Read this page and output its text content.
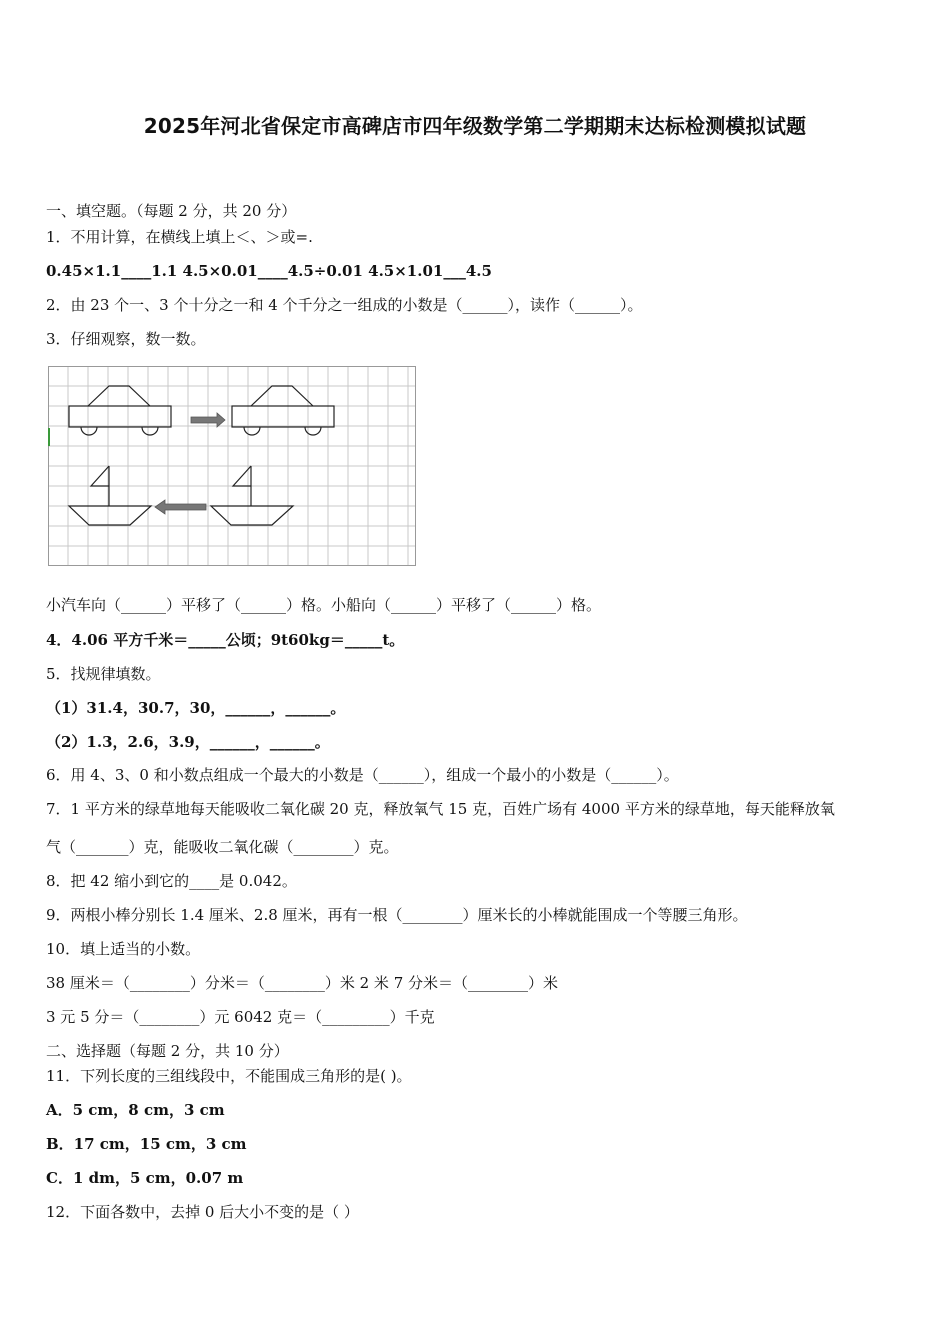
2025年河北省保定市高碑店市四年级数学第二学期期末达标检测模拟试题
一、填空题。（每题 2 分，共 20 分）
1．不用计算，在横线上填上＜、＞或=.
0.45×1.1____1.1 4.5×0.01____4.5÷0.01 4.5×1.01___4.5
2．由 23 个一、3 个十分之一和 4 个千分之一组成的小数是（______），读作（______）。
3．仔细观察，数一数。
小汽车向（______）平移了（______）格。小船向（______）平移了（______）格。
4．4.06 平方千米＝_____公顷；9t60kg＝_____t。
5．找规律填数。
（1）31.4，30.7，30，______，______。
（2）1.3，2.6，3.9，______，______。
6．用 4、3、0 和小数点组成一个最大的小数是（______），组成一个最小的小数是（______）。
7．1 平方米的绿草地每天能吸收二氧化碳 20 克，释放氧气 15 克，百姓广场有 4000 平方米的绿草地，每天能释放氧
气（_______）克，能吸收二氧化碳（________）克。
8．把 42 缩小到它的____是 0.042。
9．两根小棒分别长 1.4 厘米、2.8 厘米，再有一根（________）厘米长的小棒就能围成一个等腰三角形。
10．填上适当的小数。
38 厘米＝（________）分米＝（________）米 2 米 7 分米＝（________）米
3 元 5 分＝（________）元 6042 克＝（_________）千克
二、选择题（每题 2 分，共 10 分）
11．下列长度的三组线段中，不能围成三角形的是( )。
A．5 cm，8 cm，3 cm
B．17 cm，15 cm，3 cm
C．1 dm，5 cm，0.07 m
12．下面各数中，去掉 0 后大小不变的是（ ）
